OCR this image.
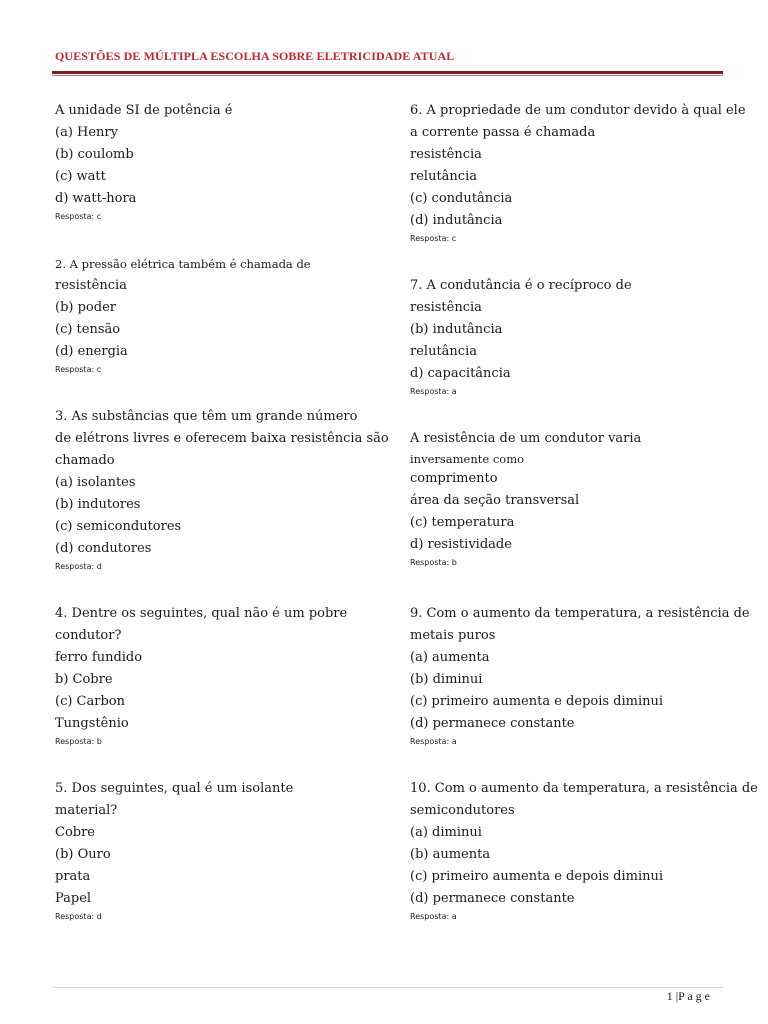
QUESTÕES DE MÚLTIPLA ESCOLHA SOBRE ELETRICIDADE ATUAL
A unidade SI de potência é
(a) Henry
(b) coulomb
(c) watt
d) watt-hora
Resposta: c
2. A pressão elétrica também é chamada de
resistência
(b) poder
(c) tensão
(d) energia
Resposta: c
3. As substâncias que têm um grande número
de elétrons livres e oferecem baixa resistência são
chamado
(a) isolantes
(b) indutores
(c) semicondutores
(d) condutores
Resposta: d
4. Dentre os seguintes, qual não é um pobre
condutor?
ferro fundido
b) Cobre
(c) Carbon
Tungstênio
Resposta: b
5. Dos seguintes, qual é um isolante
material?
Cobre
(b) Ouro
prata
Papel
Resposta: d
6. A propriedade de um condutor devido à qual ele
a corrente passa é chamada
resistência
relutância
(c) condutância
(d) indutância
Resposta: c
7. A condutância é o recíproco de
resistência
(b) indutância
relutância
d) capacitância
Resposta: a
A resistência de um condutor varia
inversamente como
comprimento
área da seção transversal
(c) temperatura
d) resistividade
Resposta: b
9. Com o aumento da temperatura, a resistência de
metais puros
(a) aumenta
(b) diminui
(c) primeiro aumenta e depois diminui
(d) permanece constante
Resposta: a
10. Com o aumento da temperatura, a resistência de
semicondutores
(a) diminui
(b) aumenta
(c) primeiro aumenta e depois diminui
(d) permanece constante
Resposta: a
1 |P a g e
